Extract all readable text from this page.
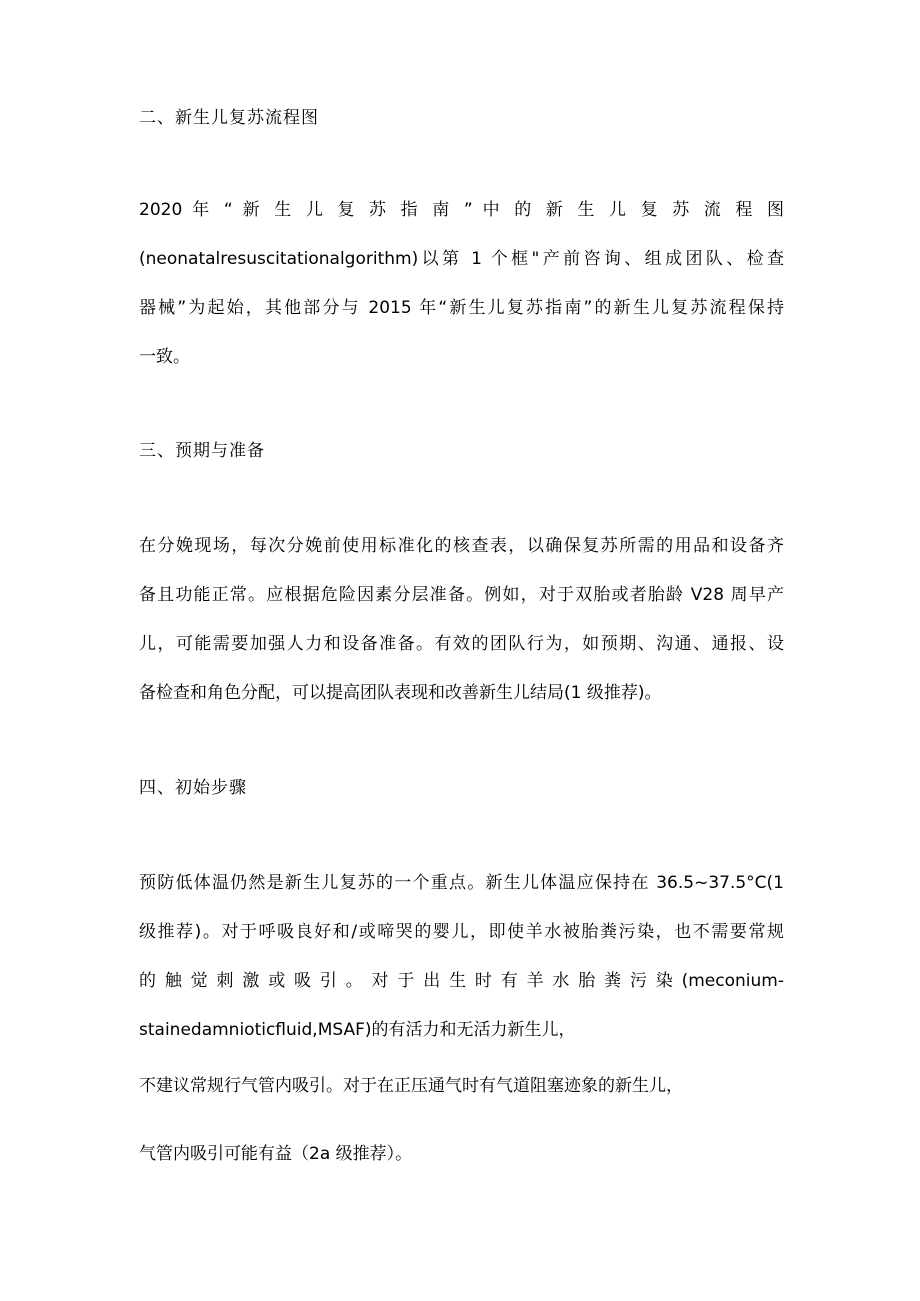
二、新生儿复苏流程图
2020 年 “ 新 生 儿 复 苏 指 南 ” 中 的 新 生 儿 复 苏 流 程 图
(neonatalresuscitationalgorithm)以第 1 个框"产前咨询、组成团队、检查
器械”为起始，其他部分与 2015 年“新生儿复苏指南”的新生儿复苏流程保持
一致。
三、预期与准备
在分娩现场，每次分娩前使用标准化的核查表，以确保复苏所需的用品和设备齐
备且功能正常。应根据危险因素分层准备。例如，对于双胎或者胎龄 V28 周早产
儿，可能需要加强人力和设备准备。有效的团队行为，如预期、沟通、通报、设
备检查和角色分配，可以提高团队表现和改善新生儿结局(1 级推荐)。
四、初始步骤
预防低体温仍然是新生儿复苏的一个重点。新生儿体温应保持在 36.5~37.5°C(1
级推荐)。对于呼吸良好和/或啼哭的婴儿，即使羊水被胎粪污染，也不需要常规
的 触 觉 刺 激 或 吸 引 。 对 于 出 生 时 有 羊 水 胎 粪 污 染 (meconium-
stainedamnioticfluid,MSAF)的有活力和无活力新生儿，
不建议常规行气管内吸引。对于在正压通气时有气道阻塞迹象的新生儿，
气管内吸引可能有益（2a 级推荐）。
